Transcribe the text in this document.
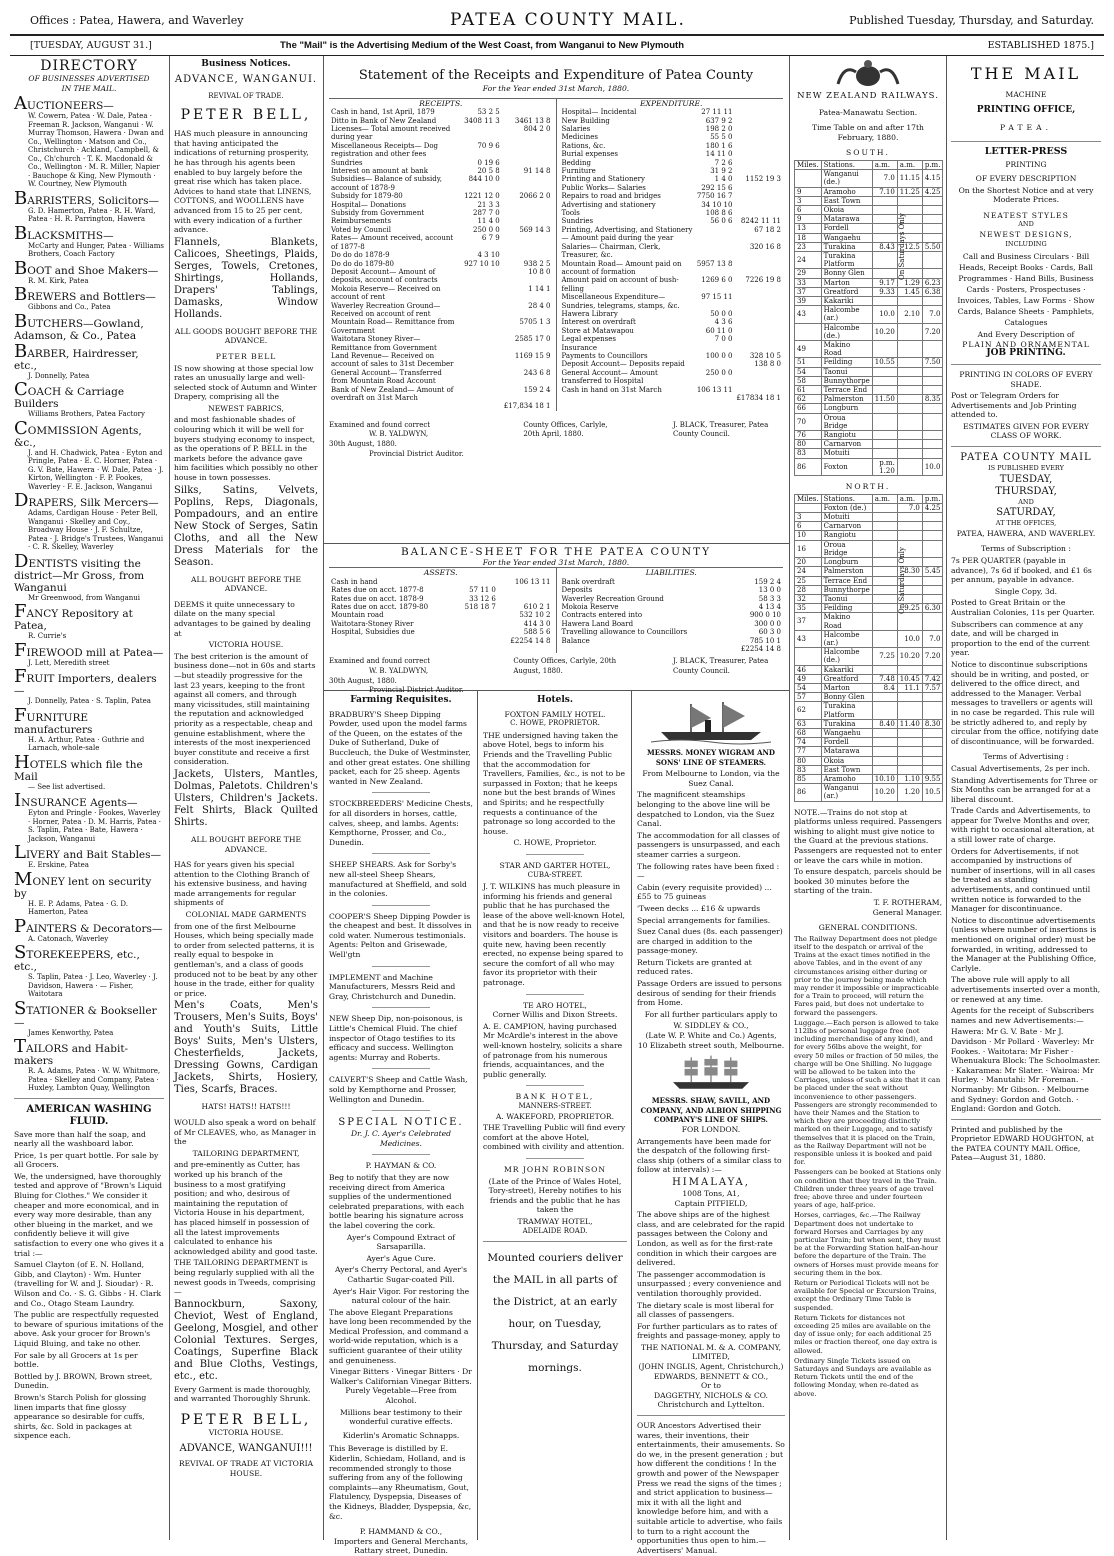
Offices : Patea, Hawera, and Waverley	PATEA COUNTY MAIL.	Published Tuesday, Thursday, and Saturday.
[TUESDAY, AUGUST 31.]	The "Mail" is the Advertising Medium of the West Coast, from Wanganui to New Plymouth	ESTABLISHED 1875.]
DIRECTORY
OF BUSINESSES ADVERTISED IN THE MAIL.
AUCTIONEERS—
W. Cowern, Patea · W. Dale, Patea · Freeman R. Jackson, Wanganui · W. Murray Thomson, Hawera · Dwan and Co., Wellington · Matson and Co., Christchurch · Ackland, Campbell, & Co., Ch'church · T. K. Macdonald & Co., Wellington · M. R. Miller, Napier · Bauchope & King, New Plymouth · W. Courtney, New Plymouth
BARRISTERS, Solicitors—
G. D. Hamerton, Patea · R. H. Ward, Patea · H. R. Parrington, Hawera
BLACKSMITHS—
McCarty and Hunger, Patea · Williams Brothers, Coach Factory
BOOT and Shoe Makers—
R. M. Kirk, Patea
BREWERS and Bottlers—
Gibbons and Co., Patea
BUTCHERS—Gowland, Adamson, & Co., Patea
BARBER, Hairdresser, etc.,
J. Donnelly, Patea
COACH & Carriage Builders
Williams Brothers, Patea Factory
COMMISSION Agents, &c.,
J. and H. Chadwick, Patea · Eyton and Pringle, Patea · E. C. Horner, Patea · G. V. Bate, Hawera · W. Dale, Patea · J. Kirton, Wellington · F. P. Fookes, Waverley · F. E. Jackson, Wanganui
DRAPERS, Silk Mercers—
Adams, Cardigan House · Peter Bell, Wanganui · Skelley and Coy., Broadway House · J. F. Schultze, Patea · J. Bridge's Trustees, Wanganui · C. R. Skelley, Waverley
DENTISTS visiting the district—Mr Gross, from Wanganui
Mr Greenwood, from Wanganui
FANCY Repository at Patea,
R. Currie's
FIREWOOD mill at Patea—
J. Lett, Meredith street
FRUIT Importers, dealers—
J. Donnelly, Patea · S. Taplin, Patea
FURNITURE manufacturers
H. A. Arthur, Patea · Guthrie and Larnach, whole-sale
HOTELS which file the Mail
— See list advertised.
INSURANCE Agents—
Eyton and Pringle · Fookes, Waverley · Horner, Patea · D. M. Harris, Patea · S. Taplin, Patea · Bate, Hawera · Jackson, Wanganui
LIVERY and Bait Stables—
E. Erskine, Patea
MONEY lent on security by
H. E. P. Adams, Patea · G. D. Hamerton, Patea
PAINTERS & Decorators—
A. Catonach, Waverley
STOREKEEPERS, etc., etc.,
S. Taplin, Patea · J. Leo, Waverley · J. Davidson, Hawera · — Fisher, Waitotara
STATIONER & Bookseller—
James Kenworthy, Patea
TAILORS and Habit-makers
R. A. Adams, Patea · W. W. Whitmore, Patea · Skelley and Company, Patea · Huxley, Lambton Quay, Wellington
AMERICAN WASHING FLUID.

Save more than half the soap, and nearly all the washboard labor.

Price, 1s per quart bottle. For sale by all Grocers.

We, the undersigned, have thoroughly tested and approve of "Brown's Liquid Bluing for Clothes." We consider it cheaper and more economical, and in every way more desirable, than any other blueing in the market, and we confidently believe it will give satisfaction to every one who gives it a trial :—

Samuel Clayton (of E. N. Holland, Gibb, and Clayton) · Wm. Hunter (travelling for W. and J. Sioudar) · R. Wilson and Co. · S. G. Gibbs · H. Clark and Co., Otago Steam Laundry.

The public are respectfully requested to beware of spurious imitations of the above. Ask your grocer for Brown's Liquid Bluing, and take no other.

For sale by all Grocers at 1s per bottle.

Bottled by J. BROWN, Brown street, Dunedin.

Brown's Starch Polish for glossing linen imparts that fine glossy appearance so desirable for cuffs, shirts, &c. Sold in packages at sixpence each.

Business Notices.
ADVANCE, WANGANUI.
REVIVAL OF TRADE.
PETER BELL,

HAS much pleasure in announcing that having anticipated the indications of returning prosperity, he has through his agents been enabled to buy largely before the great rise which has taken place. Advices to hand state that LINENS, COTTONS, and WOOLLENS have advanced from 15 to 25 per cent, with every indication of a further advance.

Flannels, Blankets, Calicoes, Sheetings, Plaids, Serges, Towels, Cretones, Shirtings, Hollands, Drapers' Tablings, Damasks, Window Hollands.

ALL GOODS BOUGHT BEFORE THE ADVANCE.
PETER BELL

IS now showing at those special low rates an unusually large and well-selected stock of Autumn and Winter Drapery, comprising all the

NEWEST FABRICS,

and most fashionable shades of colouring which it will be well for buyers studying economy to inspect, as the operations of P. BELL in the markets before the advance gave him facilities which possibly no other house in town possesses.

Silks, Satins, Velvets, Poplins, Reps, Diagonals, Pompadours, and an entire New Stock of Serges, Satin Cloths, and all the New Dress Materials for the Season.

ALL BOUGHT BEFORE THE ADVANCE.

DEEMS it quite unnecessary to dilate on the many special advantages to be gained by dealing at

VICTORIA HOUSE.

The best criterion is the amount of business done—not in 60s and starts—but steadily progressive for the last 23 years, keeping to the front against all comers, and through many vicissitudes, still maintaining the reputation and acknowledged priority as a respectable, cheap and genuine establishment, where the interests of the most inexperienced buyer constitute and receive a first consideration.

Jackets, Ulsters, Mantles, Dolmas, Paletots. Children's Ulsters, Children's Jackets. Felt Shirts, Black Quilted Shirts.

ALL BOUGHT BEFORE THE ADVANCE.

HAS for years given his special attention to the Clothing Branch of his extensive business, and having made arrangements for regular shipments of

COLONIAL MADE GARMENTS

from one of the first Melbourne Houses, which being specially made to order from selected patterns, it is really equal to bespoke in gentleman's, and a class of goods produced not to be beat by any other house in the trade, either for quality or price.

Men's Coats, Men's Trousers, Men's Suits, Boys' and Youth's Suits, Little Boys' Suits, Men's Ulsters, Chesterfields, Jackets, Dressing Gowns, Cardigan Jackets, Shirts, Hosiery, Ties, Scarfs, Braces.

HATS! HATS!! HATS!!!

WOULD also speak a word on behalf of Mr CLEAVES, who, as Manager in the

TAILORING DEPARTMENT,

and pre-eminently as Cutter, has worked up his branch of the business to a most gratifying position; and who, desirous of maintaining the reputation of Victoria House in his department, has placed himself in possession of all the latest improvements calculated to enhance his acknowledged ability and good taste.

THE TAILORING DEPARTMENT is being regularly supplied with all the newest goods in Tweeds, comprising—

Bannockburn, Saxony, Cheviot, West of England, Geelong, Mosgiel, and other Colonial Textures. Serges, Coatings, Superfine Black and Blue Cloths, Vestings, etc., etc.

Every Garment is made thoroughly, and warranted Thoroughly Shrunk.

PETER BELL,
VICTORIA HOUSE.
ADVANCE, WANGANUI!!!
REVIVAL OF TRADE AT VICTORIA HOUSE.
Statement of the Receipts and Expenditure of Patea County
For the Year ended 31st March, 1880.
RECEIPTS.
Cash in hand, 1st April, 1879	53 2 5	
Ditto in Bank of New Zealand	3408 11 3	3461 13 8
Licenses— Total amount received during year		804 2 0
Miscellaneous Receipts— Dog registration and other fees	70 9 6	
Sundries	0 19 6	
Interest on amount at bank	20 5 8	91 14 8
Subsidies— Balance of subsidy, account of 1878-9	844 10 0	
Subsidy for 1879-80	1221 12 0	2066 2 0
Hospital— Donations	21 3 3	
Subsidy from Government	287 7 0	
Reimbursements	11 4 0	
Voted by Council	250 0 0	569 14 3
Rates— Amount received, account of 1877-8	6 7 9	
Do do do 1878-9	4 3 10	
Do do do 1879-80	927 10 10	938 2 5
Deposit Account— Amount of deposits, account of contracts		10 8 0
Mokoia Reserve— Received on account of rent		1 14 1
Waverley Recreation Ground— Received on account of rent		28 4 0
Mountain Road— Remittance from Government		5705 1 3
Waitotara Stoney River— Remittance from Government		2585 17 0
Land Revenue— Received on account of sales to 31st December		1169 15 9
General Account— Transferred from Mountain Road Account		243 6 8
Bank of New Zealand— Amount of overdraft on 31st March		159 2 4
		£17,834 18 1
EXPENDITURE.
Hospital— Incidental	27 11 11	
New Building	637 9 2	
Salaries	198 2 0	
Medicines	55 5 0	
Rations, &c.	180 1 6	
Burial expenses	14 11 0	
Bedding	7 2 6	
Furniture	31 9 2	
Printing and Stationery	1 4 0	1152 19 3
Public Works— Salaries	292 15 6	
Repairs to road and bridges	7750 16 7	
Advertising and stationery	34 10 10	
Tools	108 8 6	
Sundries	56 0 6	8242 11 11
Printing, Advertising, and Stationery— Amount paid during the year		67 18 2
Salaries— Chairman, Clerk, Treasurer, &c.		320 16 8
Mountain Road— Amount paid on account of formation	5957 13 8	
Amount paid on account of bush-felling	1269 6 0	7226 19 8
Miscellaneous Expenditure— Sundries, telegrams, stamps, &c.	97 15 11	
Hawera Library	50 0 0	
Interest on overdraft	4 3 6	
Store at Matawapou	60 11 0	
Legal expenses	7 0 0	
Insurance		
Payments to Councillors	100 0 0	328 10 5
Deposit Account— Deposits repaid		138 8 0
General Account— Amount transferred to Hospital	250 0 0	
Cash in hand on 31st March	106 13 11	
		£17834 18 1
Examined and found correct
W. B. YALDWYN,
30th August, 1880.
Provincial District Auditor.
County Offices, Carlyle, 20th April, 1880.
J. BLACK, Treasurer, Patea County Council.
BALANCE-SHEET FOR THE PATEA COUNTY
For the Year ended 31st March, 1880.
ASSETS.
Cash in hand		106 13 11
Rates due on acct. 1877-8	57 11 0	
Rates due on acct. 1878-9	33 12 6	
Rates due on acct. 1879-80	518 18 7	610 2 1
Mountain road		532 10 2
Waitotara-Stoney River		414 3 0
Hospital, Subsidies due		588 5 6
		£2254 14 8
LIABILITIES.
Bank overdraft	159 2 4
Deposits	13 0 0
Waverley Recreation Ground	58 3 3
Mokoia Reserve	4 13 4
Contracts entered into	900 0 10
Hawera Land Board	300 0 0
Travelling allowance to Councillors	60 3 0
Balance	785 10 1
	£2254 14 8
Examined and found correct
W. B. YALDWYN,
30th August, 1880.
Provincial District Auditor.
County Offices, Carlyle, 20th August, 1880.
J. BLACK, Treasurer, Patea County Council.
Farming Requisites.

BRADBURY'S Sheep Dipping Powder, used upon the model farms of the Queen, on the estates of the Duke of Sutherland, Duke of Buccleuch, the Duke of Westminster, and other great estates. One shilling packet, each for 25 sheep. Agents wanted in New Zealand.

STOCKBREEDERS' Medicine Chests, for all disorders in horses, cattle, calves, sheep, and lambs. Agents: Kempthorne, Prosser, and Co., Dunedin.

SHEEP SHEARS. Ask for Sorby's new all-steel Sheep Shears, manufactured at Sheffield, and sold in the colonies.

COOPER'S Sheep Dipping Powder is the cheapest and best. It dissolves in cold water. Numerous testimonials. Agents: Pelton and Grisewade, Well'gtn

IMPLEMENT and Machine Manufacturers, Messrs Reid and Gray, Christchurch and Dunedin.

NEW Sheep Dip, non-poisonous, is Little's Chemical Fluid. The chief inspector of Otago testifies to its efficacy and success. Wellington agents: Murray and Roberts.

CALVERT'S Sheep and Cattle Wash, sold by Kempthorne and Prosser, Wellington and Dunedin.

SPECIAL NOTICE.
Dr. J. C. Ayer's Celebrated Medicines.
P. HAYMAN & CO.

Beg to notify that they are now receiving direct from America supplies of the undermentioned celebrated preparations, with each bottle bearing his signature across the label covering the cork.

Ayer's Compound Extract of Sarsaparilla.

Ayer's Ague Cure.

Ayer's Cherry Pectoral, and Ayer's Cathartic Sugar-coated Pill.

Ayer's Hair Vigor. For restoring the natural colour of the hair.

The above Elegant Preparations have long been recommended by the Medical Profession, and command a world-wide reputation, which is a sufficient guarantee of their utility and genuineness.

Vinegar Bitters · Vinegar Bitters · Dr Walker's Californian Vinegar Bitters. Purely Vegetable—Free from Alcohol.

Millions bear testimony to their wonderful curative effects.

Kiderlin's Aromatic Schnapps.

This Beverage is distilled by E. Kiderlin, Schiedam, Holland, and is recommended strongly to those suffering from any of the following complaints—any Rheumatism, Gout, Flatulency, Dyspepsia, Diseases of the Kidneys, Bladder, Dyspepsia, &c, &c.

P. HAMMAND & CO.,
Importers and General Merchants, Rattary street, Dunedin.
Hotels.
FOXTON FAMILY HOTEL.
C. HOWE, PROPRIETOR.

THE undersigned having taken the above Hotel, begs to inform his Friends and the Travelling Public that the accommodation for Travellers, Families, &c., is not to be surpassed in Foxton; that he keeps none but the best brands of Wines and Spirits; and he respectfully requests a continuance of the patronage so long accorded to the house.

C. HOWE, Proprietor.
STAR AND GARTER HOTEL,
CUBA-STREET.

J. T. WILKINS has much pleasure in informing his friends and general public that he has purchased the lease of the above well-known Hotel, and that he is now ready to receive visitors and boarders. The house is quite new, having been recently erected, no expense being spared to secure the comfort of all who may favor its proprietor with their patronage.

TE ARO HOTEL,
Corner Willis and Dixon Streets.

A. E. CAMPION, having purchased Mr McArdle's interest in the above well-known hostelry, solicits a share of patronage from his numerous friends, acquaintances, and the public generally.

BANK HOTEL,
MANNERS-STREET.
A. WAKEFORD, PROPRIETOR.

THE Travelling Public will find every comfort at the above Hotel, combined with civility and attention.

MR JOHN ROBINSON

(Late of the Prince of Wales Hotel, Tory-street), Hereby notifies to his friends and the public that he has taken the

TRAMWAY HOTEL,
ADELAIDE ROAD.

Mounted couriers deliver the MAIL in all parts of the District, at an early hour, on Tuesday, Thursday, and Saturday mornings.

MESSRS. MONEY WIGRAM AND SONS' LINE OF STEAMERS.

From Melbourne to London, via the Suez Canal.

The magnificent steamships belonging to the above line will be despatched to London, via the Suez Canal.

The accommodation for all classes of passengers is unsurpassed, and each steamer carries a surgeon.

The following rates have been fixed :—

Cabin (every requisite provided) ... £55 to 75 guineas

'Tween decks ... £16 & upwards

Special arrangements for families.

Suez Canal dues (8s. each passenger) are charged in addition to the passage-money.

Return Tickets are granted at reduced rates.

Passage Orders are issued to persons desirous of sending for their friends from Home.

For all further particulars apply to

W. SIDDLEY & CO.,
(Late W. P. White and Co.) Agents,
10 Elizabeth street south, Melbourne.
MESSRS. SHAW, SAVILL, AND COMPANY, AND ALBION SHIPPING COMPANY'S LINE OF SHIPS.
FOR LONDON.

Arrangements have been made for the despatch of the following first-class ship (others of a similar class to follow at intervals) :—

HIMALAYA,
1008 Tons, A1,
Captain PITFIELD,

The above ships are of the highest class, and are celebrated for the rapid passages between the Colony and London, as well as for the first-rate condition in which their cargoes are delivered.

The passenger accommodation is unsurpassed ; every convenience and ventilation thoroughly provided.

The dietary scale is most liberal for all classes of passengers.

For further particulars as to rates of freights and passage-money, apply to

THE NATIONAL M. & A. COMPANY, LIMITED,
(JOHN INGLIS, Agent, Christchurch,)
EDWARDS, BENNETT & CO.,
Or to
DAGGETHY, NICHOLS & CO.
Christchurch and Lyttelton.

OUR Ancestors Advertised their wares, their inventions, their entertainments, their amusements. So do we, in the present generation ; but how different the conditions ! In the growth and power of the Newspaper Press we read the signs of the times ; and strict application to business—mix it with all the light and knowledge before him, and with a suitable article to advertise, who fails to turn to a right account the opportunities thus open to him.—Advertisers' Manual.

NEW ZEALAND RAILWAYS.
Patea-Manawatu Section.
Time Table on and after 17th February, 1880.
SOUTH.
Miles.	Stations.	a.m.	a.m.	p.m.
	Wanganui (de.)	7.0	11.15	4.15
9	Aramoho	7.10	11.25	4.25
3	East Town			
6	Okoia			
9	Matarawa			
13	Fordell			
18	Wangaehu			
23	Turakina	8.43	12.5	5.50
24	Turakina Platform			
29	Bonny Glen			
33	Marton	9.17	1.29	6.23
37	Greatford	9.33	1.45	6.38
39	Kakariki			
43	Halcombe (ar.)	10.0	2.10	7.0
	Halcombe (de.)	10.20		7.20
49	Makino Road			
51	Feilding	10.55		7.50
54	Taonui			
58	Bunnythorpe			
61	Terrace End			
62	Palmerston	11.50		8.35
66	Longburn			
70	Oroua Bridge			
76	Rangiotu			
80	Carnarvon			
83	Motuiti			
86	Foxton	p.m. 1.20		10.0
On Saturdays Only
NORTH.
Miles.	Stations.	a.m.	a.m.	p.m.
	Foxton (de.)		7.0	4.25
3	Motuiti			
6	Carnarvon			
10	Rangiotu			
16	Oroua Bridge			
20	Longburn			
24	Palmerston		8.30	5.45
25	Terrace End			
28	Bunnythorpe			
32	Taonui			
35	Feilding		9.25	6.30
37	Makino Road			
43	Halcombe (ar.)		10.0	7.0
	Halcombe (de.)	7.25	10.20	7.20
46	Kakariki			
49	Greatford	7.48	10.45	7.42
54	Marton	8.4	11.1	7.57
57	Bonny Glen			
62	Turakina Platform			
63	Turakina	8.40	11.40	8.30
68	Wangaehu			
74	Fordell			
77	Matarawa			
80	Okoia			
83	East Town			
85	Aramoho	10.10	1.10	9.55
86	Wanganui (ar.)	10.20	1.20	10.5
On Saturdays Only

NOTE.—Trains do not stop at platforms unless required. Passengers wishing to alight must give notice to the Guard at the previous stations. Passengers are requested not to enter or leave the cars while in motion.

To ensure despatch, parcels should be booked 30 minutes before the starting of the train.

T. F. ROTHERAM,
General Manager.
GENERAL CONDITIONS.

The Railway Department does not pledge itself to the despatch or arrival of the Trains at the exact times notified in the above Tables, and in the event of any circumstances arising either during or prior to the journey being made which may render it impossible or impracticable for a Train to proceed, will return the Fares paid, but does not undertake to forward the passengers.

Luggage.—Each person is allowed to take 112lbs of personal luggage free (not including merchandise of any kind), and for every 56lbs above the weight, for every 50 miles or fraction of 50 miles, the charge will be One Shilling. No luggage will be allowed to be taken into the Carriages, unless of such a size that it can be placed under the seat without inconvenience to other passengers. Passengers are strongly recommended to have their Names and the Station to which they are proceeding distinctly marked on their Luggage, and to satisfy themselves that it is placed on the Train, as the Railway Department will not be responsible unless it is booked and paid for.

Passengers can be booked at Stations only on condition that they travel in the Train. Children under three years of age travel free; above three and under fourteen years of age, half-price.

Horses, carriages, &c.—The Railway Department does not undertake to forward Horses and Carriages by any particular Train; but when sent, they must be at the Forwarding Station half-an-hour before the departure of the Train. The owners of Horses must provide means for securing them in the box.

Return or Periodical Tickets will not be available for Special or Excursion Trains, except the Ordinary Time Table is suspended.

Return Tickets for distances not exceeding 25 miles are available on the day of issue only; for each additional 25 miles or fraction thereof, one day extra is allowed.

Ordinary Single Tickets issued on Saturdays and Sundays are available as Return Tickets until the end of the following Monday, when re-dated as above.

THE MAIL
MACHINE
PRINTING OFFICE,
PATEA.
LETTER-PRESS
PRINTING
OF EVERY DESCRIPTION

On the Shortest Notice and at very Moderate Prices.

NEATEST STYLES
AND
NEWEST DESIGNS,
INCLUDING

Call and Business Circulars · Bill Heads, Receipt Books · Cards, Ball Programmes · Hand Bills, Business Cards · Posters, Prospectuses · Invoices, Tables, Law Forms · Show Cards, Balance Sheets · Pamphlets, Catalogues

And Every Description of
PLAIN AND ORNAMENTAL
JOB PRINTING.

PRINTING IN COLORS OF EVERY SHADE.

Post or Telegram Orders for Advertisements and Job Printing attended to.

ESTIMATES GIVEN FOR EVERY CLASS OF WORK.

PATEA COUNTY MAIL
IS PUBLISHED EVERY
TUESDAY,
THURSDAY,
AND
SATURDAY,
AT THE OFFICES,
PATEA, HAWERA, AND WAVERLEY.
Terms of Subscription :

7s PER QUARTER (payable in advance), 7s 6d if booked, and £1 6s per annum, payable in advance.

Single Copy, 3d.

Posted to Great Britain or the Australian Colonies, 11s per Quarter.

Subscribers can commence at any date, and will be charged in proportion to the end of the current year.

Notice to discontinue subscriptions should be in writing, and posted, or delivered to the office direct, and addressed to the Manager. Verbal messages to travellers or agents will in no case be regarded. This rule will be strictly adhered to, and reply by circular from the office, notifying date of discontinuance, will be forwarded.

Terms of Advertising :

Casual Advertisements, 2s per inch.

Standing Advertisements for Three or Six Months can be arranged for at a liberal discount.

Trade Cards and Advertisements, to appear for Twelve Months and over, with right to occasional alteration, at a still lower rate of charge.

Orders for Advertisements, if not accompanied by instructions of number of insertions, will in all cases be treated as standing advertisements, and continued until written notice is forwarded to the Manager for discontinuance.

Notice to discontinue advertisements (unless where number of insertions is mentioned on original order) must be forwarded, in writing, addressed to the Manager at the Publishing Office, Carlyle.

The above rule will apply to all advertisements inserted over a month, or renewed at any time.

Agents for the receipt of Subscribers names and new Advertisements:—

Hawera: Mr G. V. Bate · Mr J. Davidson · Mr Pollard · Waverley: Mr Fookes. · Waitotara: Mr Fisher · Whenuakura Block: The Schoolmaster. · Kakaramea: Mr Slater. · Wairoa: Mr Hurley. · Manutahi: Mr Foreman. · Normanby: Mr Gibson. · Melbourne and Sydney: Gordon and Gotch. · England: Gordon and Gotch.

Printed and published by the Proprietor EDWARD HOUGHTON, at the PATEA COUNTY MAIL Office, Patea—August 31, 1880.
